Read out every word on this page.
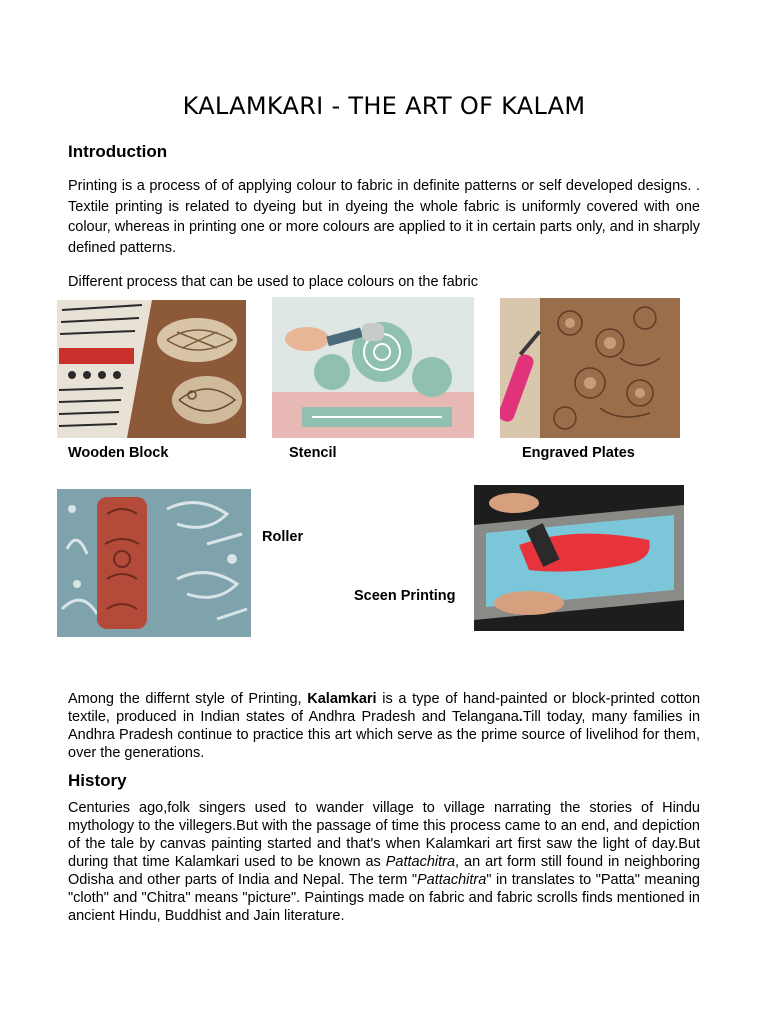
KALAMKARI - THE ART OF KALAM
Introduction

Printing is a process of of applying colour to fabric in definite patterns or self developed designs. . Textile printing is related to dyeing but in dyeing the whole fabric is uniformly covered with one colour, whereas in printing one or more colours are applied to it in certain parts only, and in sharply defined patterns.

Different process that can be used to place colours on the fabric

Wooden Block	Stencil	Engraved Plates

Roller

Sceen Printing

Among the differnt style of Printing, Kalamkari is a type of hand-painted or block-printed cotton textile, produced in Indian states of Andhra Pradesh and Telangana.Till today, many families in Andhra Pradesh continue to practice this art which serve as the prime source of livelihod for them, over the generations.

History

Centuries ago,folk singers used to wander village to village narrating the stories of Hindu mythology to the villegers.But with the passage of time this process came to an end, and depiction of the tale by canvas painting started and that's when Kalamkari art first saw the light of day.But during that time Kalamkari used to be known as Pattachitra, an art form still found in neighboring Odisha and other parts of India and Nepal. The term "Pattachitra" in translates to "Patta" meaning "cloth" and "Chitra" means "picture". Paintings made on fabric and fabric scrolls finds mentioned in ancient Hindu, Buddhist and Jain literature.
